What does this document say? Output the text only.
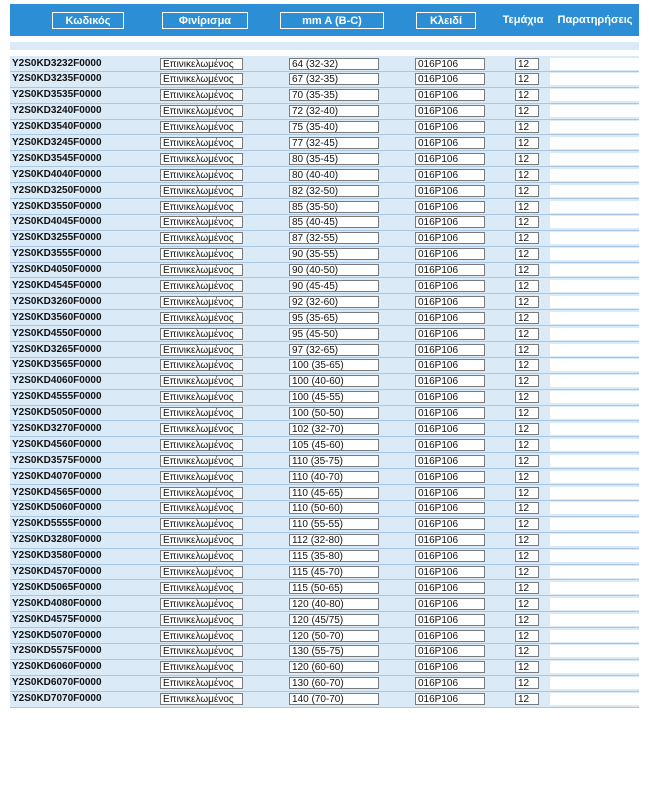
Κωδικός	Φινίρισμα	mm A (B-C)	Κλειδί	Τεμάχια	Παρατηρήσεις
Y2S0KD3232F0000	Επινικελωμένος	64 (32-32)	016P106	12
Y2S0KD3235F0000	Επινικελωμένος	67 (32-35)	016P106	12
Y2S0KD3535F0000	Επινικελωμένος	70 (35-35)	016P106	12
Y2S0KD3240F0000	Επινικελωμένος	72 (32-40)	016P106	12
Y2S0KD3540F0000	Επινικελωμένος	75 (35-40)	016P106	12
Y2S0KD3245F0000	Επινικελωμένος	77 (32-45)	016P106	12
Y2S0KD3545F0000	Επινικελωμένος	80 (35-45)	016P106	12
Y2S0KD4040F0000	Επινικελωμένος	80 (40-40)	016P106	12
Y2S0KD3250F0000	Επινικελωμένος	82 (32-50)	016P106	12
Y2S0KD3550F0000	Επινικελωμένος	85 (35-50)	016P106	12
Y2S0KD4045F0000	Επινικελωμένος	85 (40-45)	016P106	12
Y2S0KD3255F0000	Επινικελωμένος	87 (32-55)	016P106	12
Y2S0KD3555F0000	Επινικελωμένος	90 (35-55)	016P106	12
Y2S0KD4050F0000	Επινικελωμένος	90 (40-50)	016P106	12
Y2S0KD4545F0000	Επινικελωμένος	90 (45-45)	016P106	12
Y2S0KD3260F0000	Επινικελωμένος	92 (32-60)	016P106	12
Y2S0KD3560F0000	Επινικελωμένος	95 (35-65)	016P106	12
Y2S0KD4550F0000	Επινικελωμένος	95 (45-50)	016P106	12
Y2S0KD3265F0000	Επινικελωμένος	97 (32-65)	016P106	12
Y2S0KD3565F0000	Επινικελωμένος	100 (35-65)	016P106	12
Y2S0KD4060F0000	Επινικελωμένος	100 (40-60)	016P106	12
Y2S0KD4555F0000	Επινικελωμένος	100 (45-55)	016P106	12
Y2S0KD5050F0000	Επινικελωμένος	100 (50-50)	016P106	12
Y2S0KD3270F0000	Επινικελωμένος	102 (32-70)	016P106	12
Y2S0KD4560F0000	Επινικελωμένος	105 (45-60)	016P106	12
Y2S0KD3575F0000	Επινικελωμένος	110 (35-75)	016P106	12
Y2S0KD4070F0000	Επινικελωμένος	110 (40-70)	016P106	12
Y2S0KD4565F0000	Επινικελωμένος	110 (45-65)	016P106	12
Y2S0KD5060F0000	Επινικελωμένος	110 (50-60)	016P106	12
Y2S0KD5555F0000	Επινικελωμένος	110 (55-55)	016P106	12
Y2S0KD3280F0000	Επινικελωμένος	112 (32-80)	016P106	12
Y2S0KD3580F0000	Επινικελωμένος	115 (35-80)	016P106	12
Y2S0KD4570F0000	Επινικελωμένος	115 (45-70)	016P106	12
Y2S0KD5065F0000	Επινικελωμένος	115 (50-65)	016P106	12
Y2S0KD4080F0000	Επινικελωμένος	120 (40-80)	016P106	12
Y2S0KD4575F0000	Επινικελωμένος	120 (45/75)	016P106	12
Y2S0KD5070F0000	Επινικελωμένος	120 (50-70)	016P106	12
Y2S0KD5575F0000	Επινικελωμένος	130 (55-75)	016P106	12
Y2S0KD6060F0000	Επινικελωμένος	120 (60-60)	016P106	12
Y2S0KD6070F0000	Επινικελωμένος	130 (60-70)	016P106	12
Y2S0KD7070F0000	Επινικελωμένος	140 (70-70)	016P106	12
